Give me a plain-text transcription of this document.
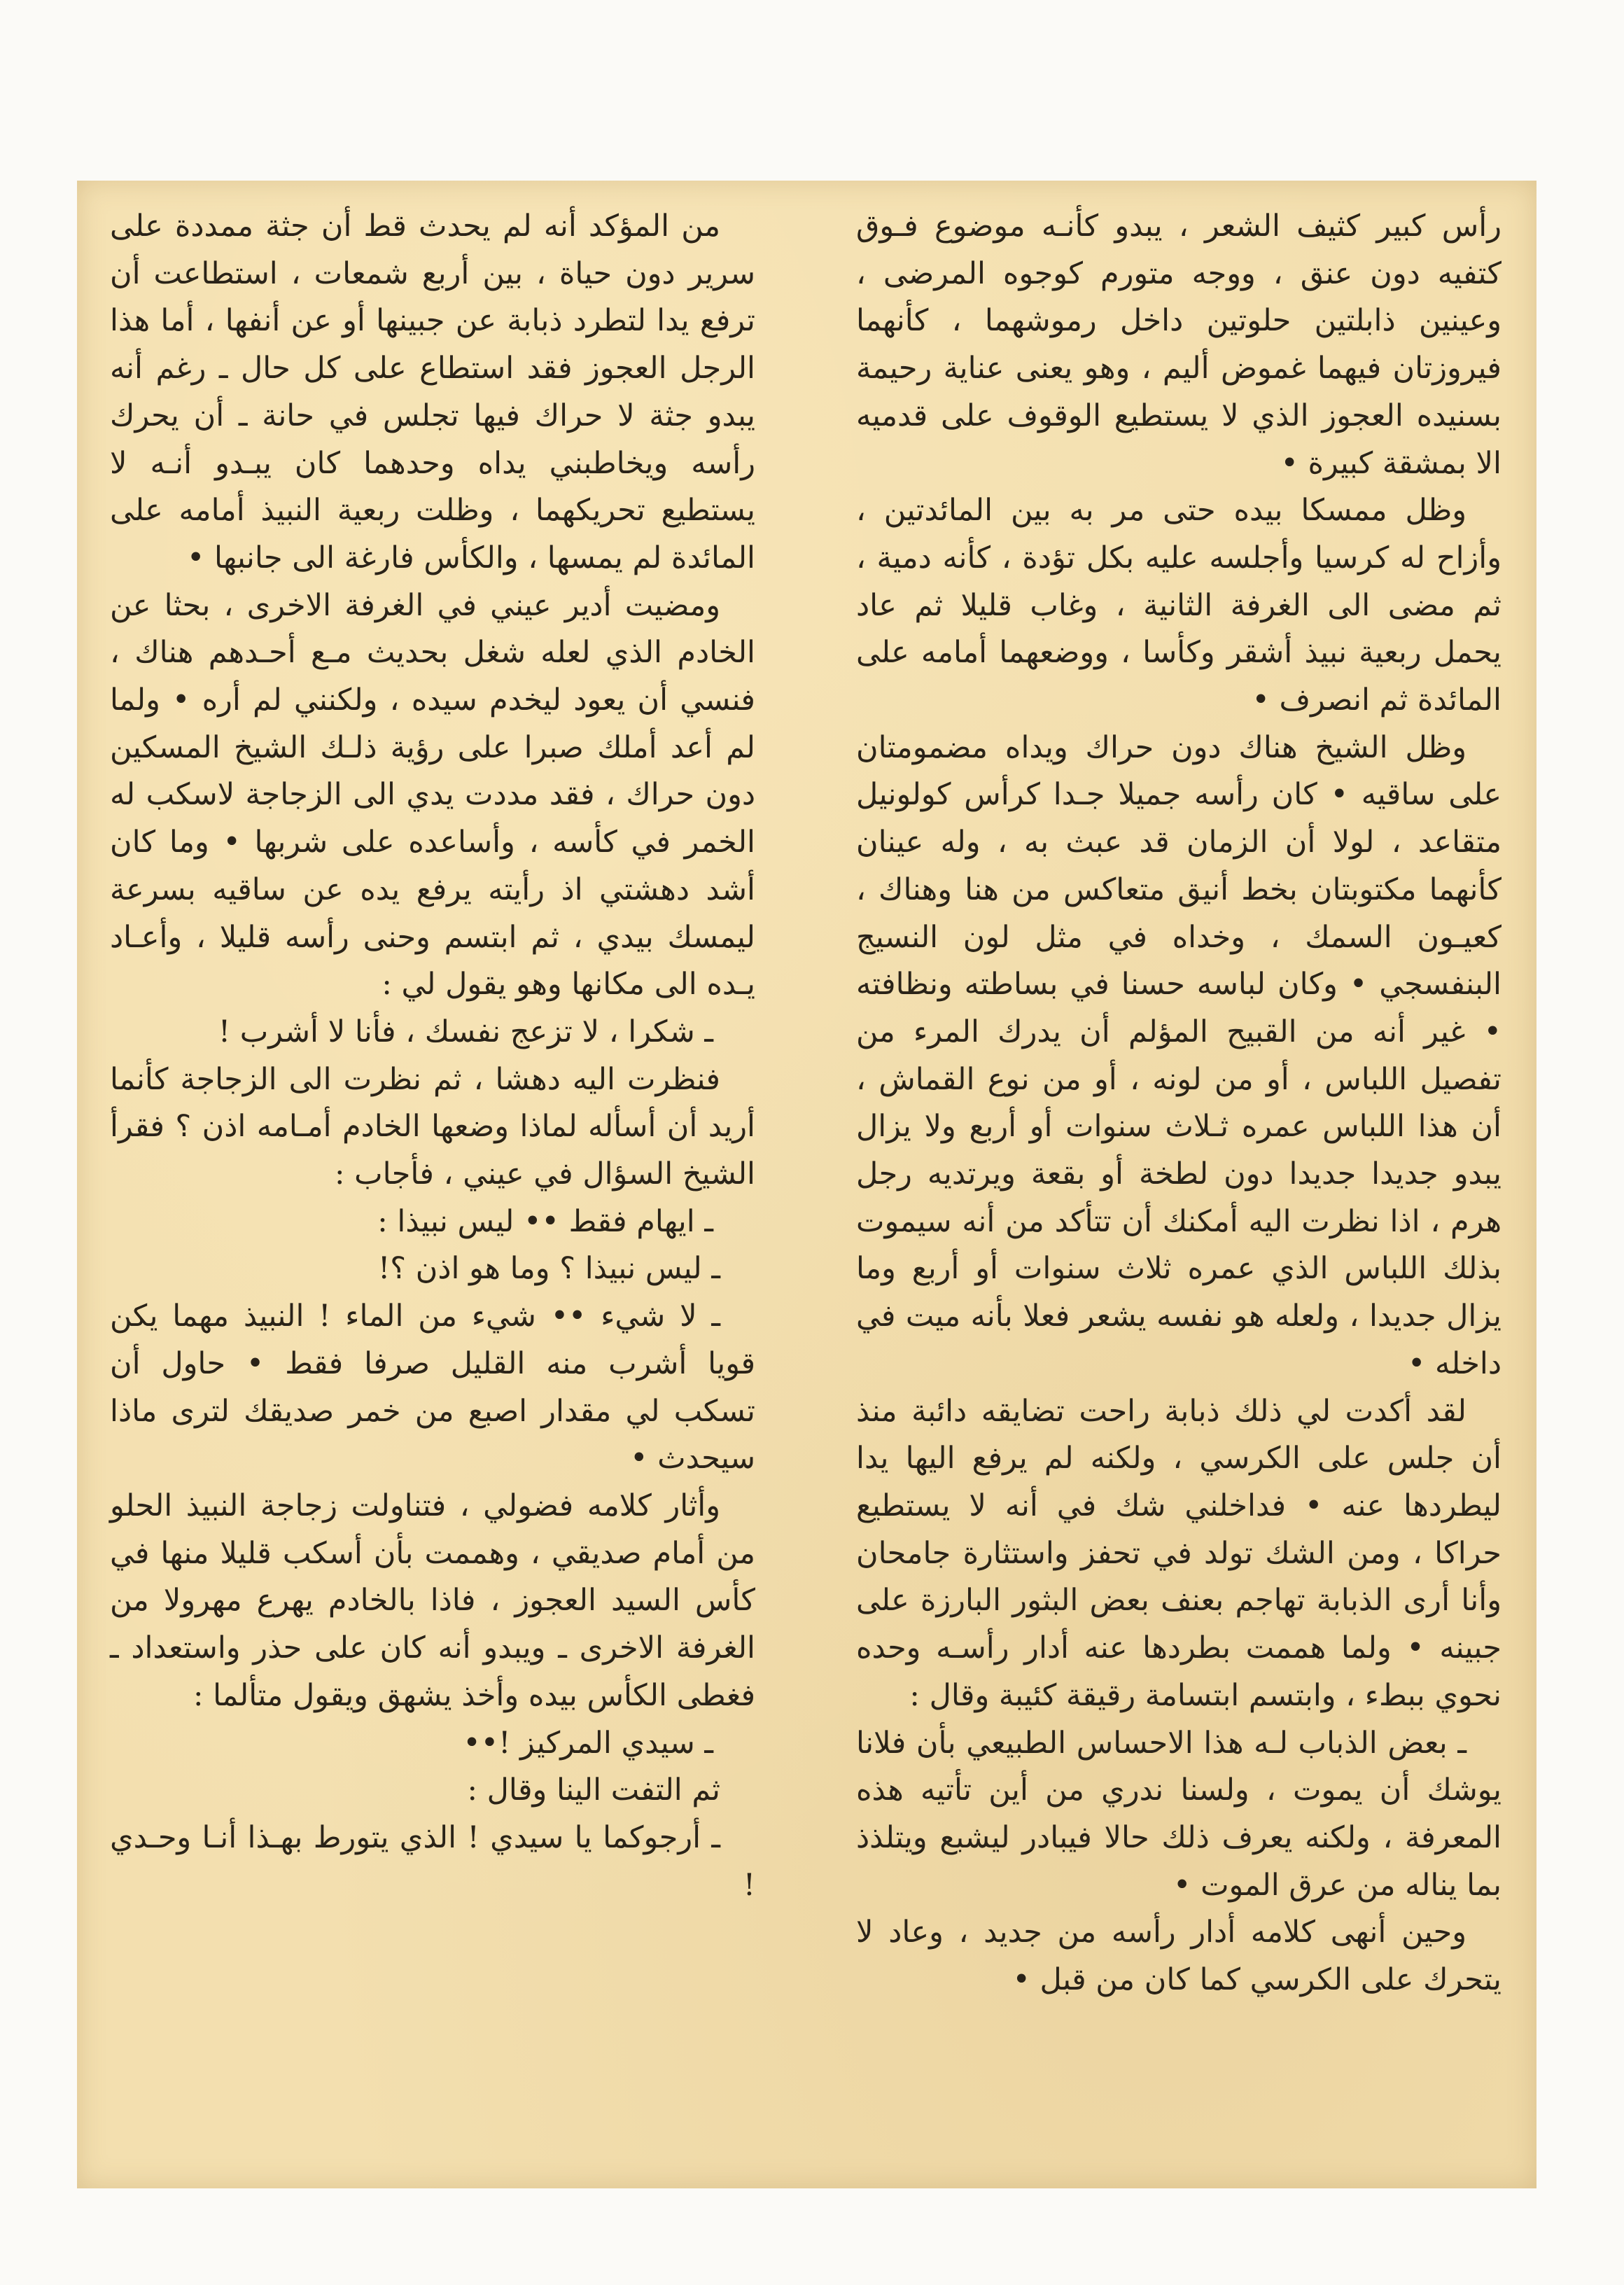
رأس كبير كثيف الشعر ، يبدو كأنـه موضوع فـوق كتفيه دون عنق ، ووجه متورم كوجوه المرضى ، وعينين ذابلتين حلوتين داخل رموشهما ، كأنهما فيروزتان فيهما غموض أليم ، وهو يعنى عناية رحيمة بسنيده العجوز الذي لا يستطيع الوقوف على قدميه الا بمشقة كبيرة •

وظل ممسكا بيده حتى مر به بين المائدتين ، وأزاح له كرسيا وأجلسه عليه بكل تؤدة ، كأنه دمية ، ثم مضى الى الغرفة الثانية ، وغاب قليلا ثم عاد يحمل ربعية نبيذ أشقر وكأسا ، ووضعهما أمامه على المائدة ثم انصرف •

وظل الشيخ هناك دون حراك ويداه مضمومتان على ساقيه • كان رأسه جميلا جـدا كرأس كولونيل متقاعد ، لولا أن الزمان قد عبث به ، وله عينان كأنهما مكتوبتان بخط أنيق متعاكس من هنا وهناك ، كعيـون السمك ، وخداه في مثل لون النسيج البنفسجي • وكان لباسه حسنا في بساطته ونظافته • غير أنه من القبيح المؤلم أن يدرك المرء من تفصيل اللباس ، أو من لونه ، أو من نوع القماش ، أن هذا اللباس عمره ثـلاث سنوات أو أربع ولا يزال يبدو جديدا جديدا دون لطخة أو بقعة ويرتديه رجل هرم ، اذا نظرت اليه أمكنك أن تتأكد من أنه سيموت بذلك اللباس الذي عمره ثلاث سنوات أو أربع وما يزال جديدا ، ولعله هو نفسه يشعر فعلا بأنه ميت في داخله •

لقد أكدت لي ذلك ذبابة راحت تضايقه دائبة منذ أن جلس على الكرسي ، ولكنه لم يرفع اليها يدا ليطردها عنه • فداخلني شك في أنه لا يستطيع حراكا ، ومن الشك تولد في تحفز واستثارة جامحان وأنا أرى الذبابة تهاجم بعنف بعض البثور البارزة على جبينه • ولما هممت بطردها عنه أدار رأسـه وحده نحوي ببطء ، وابتسم ابتسامة رقيقة كئيبة وقال :

ـ بعض الذباب لـه هذا الاحساس الطبيعي بأن فلانا يوشك أن يموت ، ولسنا ندري من أين تأتيه هذه المعرفة ، ولكنه يعرف ذلك حالا فيبادر ليشبع ويتلذذ بما يناله من عرق الموت •

وحين أنهى كلامه أدار رأسه من جديد ، وعاد لا يتحرك على الكرسي كما كان من قبل •

من المؤكد أنه لم يحدث قط أن جثة ممددة على سرير دون حياة ، بين أربع شمعات ، استطاعت أن ترفع يدا لتطرد ذبابة عن جبينها أو عن أنفها ، أما هذا الرجل العجوز فقد استطاع على كل حال ـ رغم أنه يبدو جثة لا حراك فيها تجلس في حانة ـ أن يحرك رأسه ويخاطبني يداه وحدهما كان يبـدو أنـه لا يستطيع تحريكهما ، وظلت ربعية النبيذ أمامه على المائدة لم يمسها ، والكأس فارغة الى جانبها •

ومضيت أدير عيني في الغرفة الاخرى ، بحثا عن الخادم الذي لعله شغل بحديث مـع أحـدهم هناك ، فنسي أن يعود ليخدم سيده ، ولكنني لم أره • ولما لم أعد أملك صبرا على رؤية ذلـك الشيخ المسكين دون حراك ، فقد مددت يدي الى الزجاجة لاسكب له الخمر في كأسه ، وأساعده على شربها • وما كان أشد دهشتي اذ رأيته يرفع يده عن ساقيه بسرعة ليمسك بيدي ، ثم ابتسم وحنى رأسه قليلا ، وأعـاد يـده الى مكانها وهو يقول لي :

ـ شكرا ، لا تزعج نفسك ، فأنا لا أشرب !

فنظرت اليه دهشا ، ثم نظرت الى الزجاجة كأنما أريد أن أسأله لماذا وضعها الخادم أمـامه اذن ؟ فقرأ الشيخ السؤال في عيني ، فأجاب :

ـ ايهام فقط •• ليس نبيذا :

ـ ليس نبيذا ؟ وما هو اذن ؟!

ـ لا شيء •• شيء من الماء ! النبيذ مهما يكن قويا أشرب منه القليل صرفا فقط • حاول أن تسكب لي مقدار اصبع من خمر صديقك لترى ماذا سيحدث •

وأثار كلامه فضولي ، فتناولت زجاجة النبيذ الحلو من أمام صديقي ، وهممت بأن أسكب قليلا منها في كأس السيد العجوز ، فاذا بالخادم يهرع مهرولا من الغرفة الاخرى ـ ويبدو أنه كان على حذر واستعداد ـ فغطى الكأس بيده وأخذ يشهق ويقول متألما :

ـ سيدي المركيز !••

ثم التفت الينا وقال :

ـ أرجوكما يا سيدي ! الذي يتورط بهـذا أنـا وحـدي !
